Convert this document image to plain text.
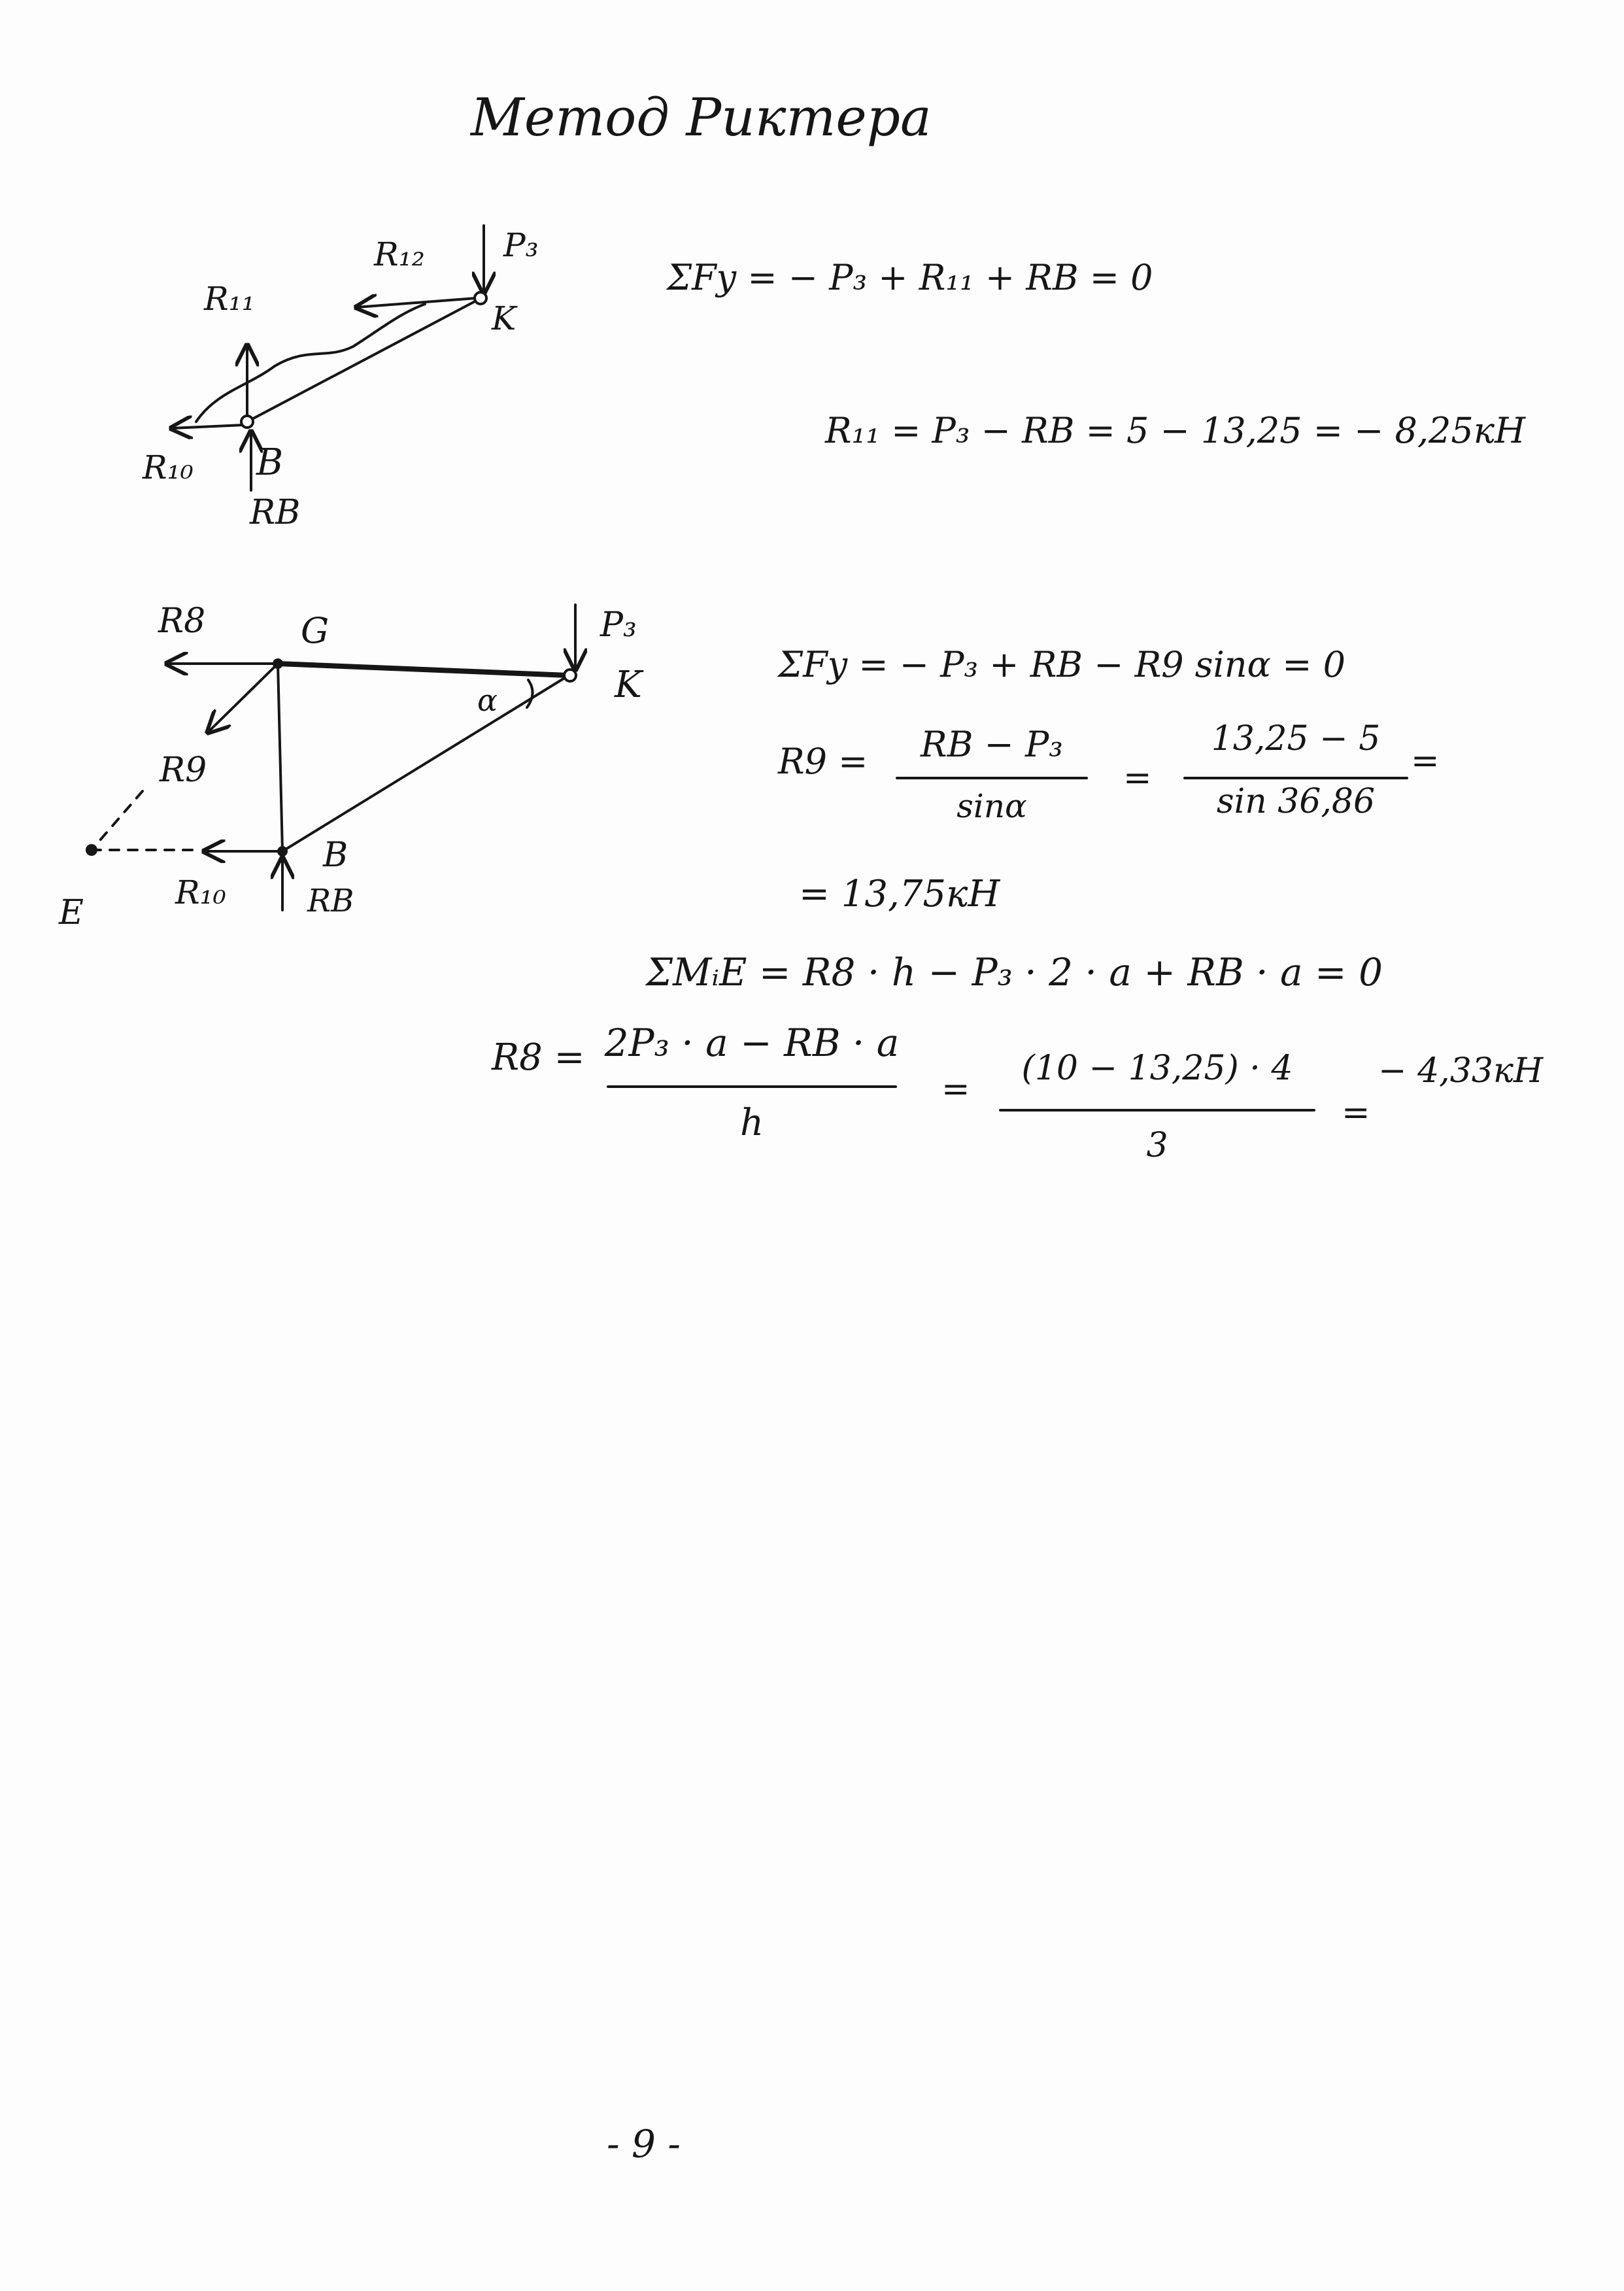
Метод Риктера
R₁₁
R₁₂ P₃
K
R₁₀ B
RB
R8	G	P₃
K
α
R9
E
R₁₀
B
RB
ΣFy = − P₃ + R₁₁ + RB = 0
R₁₁ = P₃ − RB = 5 − 13,25 = − 8,25кН
ΣFy = − P₃ + RB − R9 sinα = 0
R9 =	RB − P₃
sinα
=
13,25 − 5
sin 36,86
=
= 13,75кН
ΣMᵢE = R8 · h − P₃ · 2 · a + RB · a = 0
R8 = 2P₃ · a − RB · a
h
=
(10 − 13,25) · 4
3
=
− 4,33кН
- 9 -
